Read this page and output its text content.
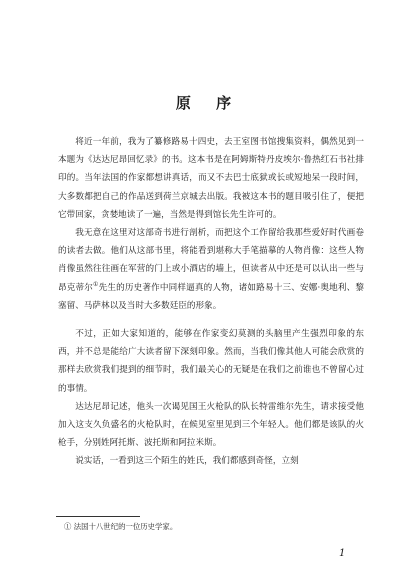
原 序

将近一年前，我为了纂修路易十四史，去王室图书馆搜集资料，偶然见到一本题为《达达尼昂回忆录》的书。这本书是在阿姆斯特丹皮埃尔·鲁热红石书社排印的。当年法国的作家都想讲真话，而又不去巴士底狱或长或短地呆一段时间，大多数都把自己的作品送到荷兰京城去出版。我被这本书的题目吸引住了，便把它带回家，贪婪地读了一遍，当然是得到馆长先生许可的。

我无意在这里对这部奇书进行剖析，而把这个工作留给我那些爱好时代画卷的读者去做。他们从这部书里，将能看到堪称大手笔描摹的人物肖像：这些人物肖像虽然往往画在军营的门上或小酒店的墙上，但读者从中还是可以认出一些与昂克蒂尔①先生的历史著作中同样逼真的人物，诸如路易十三、安娜·奥地利、黎塞留、马萨林以及当时大多数廷臣的形象。

不过，正如大家知道的，能够在作家变幻莫测的头脑里产生强烈印象的东西，并不总是能给广大读者留下深刻印象。然而，当我们像其他人可能会欣赏的那样去欣赏我们提到的细节时，我们最关心的无疑是在我们之前谁也不曾留心过的事情。

达达尼昂记述，他头一次谒见国王火枪队的队长特雷维尔先生，请求接受他加入这支久负盛名的火枪队时，在候见室里见到三个年轻人。他们都是该队的火枪手，分别姓阿托斯、波托斯和阿拉米斯。

说实话，一看到这三个陌生的姓氏，我们都感到奇怪，立刻

① 法国十八世纪的一位历史学家。
1
